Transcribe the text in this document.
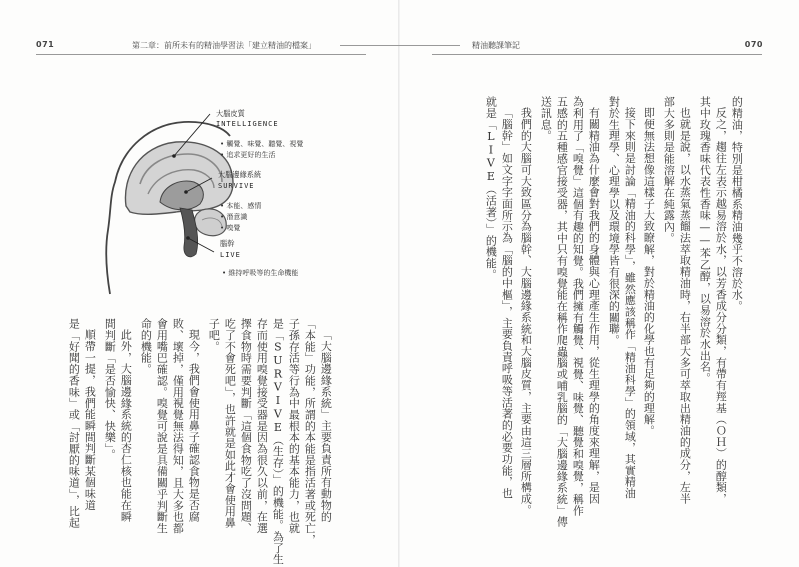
071	第二章：前所未有的精油學習法「建立精油的檔案」	精油聽課筆記	070
的精油，特別是柑橘系精油幾乎不溶於水。
反之，趨往左表示越易溶於水，以芳香成分分類，有帶有羥基（ＯＨ）的醇類，
其中玫瑰香味代表性香味——苯乙醇，以易溶於水出名。
也就是說，以水蒸氣蒸餾法萃取精油時，右半部大多可萃取出精油的成分，左半
部大多則是能溶解在純露內。
即便無法想像這樣子大致瞭解，對於精油的化學也有足夠的理解。
接下來則是討論「精油的科學」，雖然應該稱作「精油科學」的領域，其實精油
對於生理學、心理學以及環境學皆有很深的關聯。
有關精油為什麼會對我們的身體與心理產生作用，從生理學的角度來理解，是因
為利用了「嗅覺」這個有趣的知覺。我們擁有觸覺、視覺、味覺、聽覺和嗅覺，稱作
五感的五種感官接受器，其中只有嗅覺能在稱作爬蟲腦或哺乳腦的「大腦邊緣系統」傳
送訊息。
我們的大腦可大致區分為腦幹、大腦邊緣系統和大腦皮質，主要由這三層所構成。
「腦幹」如文字字面所示為「腦的中樞」，主要負責呼吸等活著的必要功能，也
就是「LIVE（活著）」的機能。
大腦皮質
INTELLIGENCE
• 觸覺、味覺、聽覺、視覺
• 追求更好的生活
大腦邊緣系統
SURVIVE
• 本能、感情
• 潛意識
• 嗅覺
腦幹
LIVE
• 維持呼吸等的生命機能
「大腦邊緣系統」主要負責所有動物的
「本能」功能，所謂的本能是指活著或死亡，
子孫存活等行為中最根本的基本能力，也就
是「SURVIVE（生存）」的機能。為了生
存而使用嗅覺接受器是因為很久以前，在選
擇食物時需要判斷「這個食物吃了沒問題、
吃了不會死吧」，也許就是如此才會使用鼻
子吧。
現今，我們會使用鼻子確認食物是否腐
敗、壞掉，僅用視覺無法得知，且大多也都
會用嘴巴確認。嗅覺可說是具備關乎判斷生
命的機能。
此外，大腦邊緣系統的杏仁核也能在瞬
間判斷「是否愉快、快樂」。
順帶一提，我們能瞬間判斷某個味道
是「好聞的香味」或「討厭的味道」，比起
